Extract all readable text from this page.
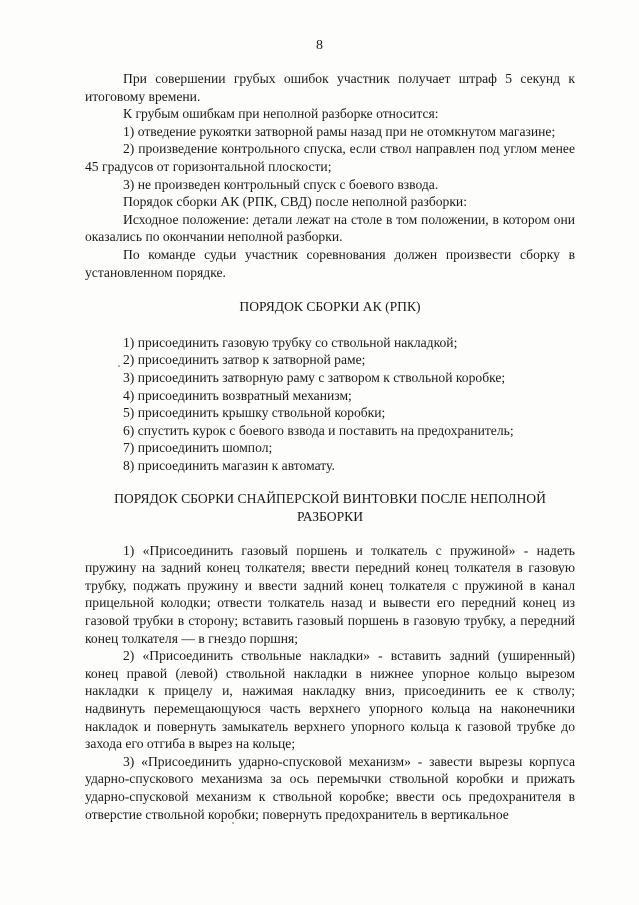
8

При совершении грубых ошибок участник получает штраф 5 секунд к итоговому времени.

К грубым ошибкам при неполной разборке относится:

1) отведение рукоятки затворной рамы назад при не отомкнутом магазине;

2) произведение контрольного спуска, если ствол направлен под углом менее 45 градусов от горизонтальной плоскости;

3) не произведен контрольный спуск с боевого взвода.

Порядок сборки АК (РПК, СВД) после неполной разборки:

Исходное положение: детали лежат на столе в том положении, в котором они оказались по окончании неполной разборки.

По команде судьи участник соревнования должен произвести сборку в установленном порядке.

ПОРЯДОК СБОРКИ АК (РПК)

1) присоединить газовую трубку со ствольной накладкой;

2) присоединить затвор к затворной раме;

3) присоединить затворную раму с затвором к ствольной коробке;

4) присоединить возвратный механизм;

5) присоединить крышку ствольной коробки;

6) спустить курок с боевого взвода и поставить на предохранитель;

7) присоединить шомпол;

8) присоединить магазин к автомату.

ПОРЯДОК СБОРКИ СНАЙПЕРСКОЙ ВИНТОВКИ ПОСЛЕ НЕПОЛНОЙ

РАЗБОРКИ

1) «Присоединить газовый поршень и толкатель с пружиной» - надеть пружину на задний конец толкателя; ввести передний конец толкателя в газовую трубку, поджать пружину и ввести задний конец толкателя с пружиной в канал прицельной колодки; отвести толкатель назад и вывести его передний конец из газовой трубки в сторону; вставить газовый поршень в газовую трубку, а передний конец толкателя — в гнездо поршня;

2) «Присоединить ствольные накладки» - вставить задний (уширенный) конец правой (левой) ствольной накладки в нижнее упорное кольцо вырезом накладки к прицелу и, нажимая накладку вниз, присоединить ее к стволу; надвинуть перемещающуюся часть верхнего упорного кольца на наконечники накладок и повернуть замыкатель верхнего упорного кольца к газовой трубке до захода его отгиба в вырез на кольце;

3) «Присоединить ударно-спусковой механизм» - завести вырезы корпуса ударно-спускового механизма за ось перемычки ствольной коробки и прижать ударно-спусковой механизм к ствольной коробке; ввести ось предохранителя в отверстие ствольной коробки; повернуть предохранитель в вертикальное
